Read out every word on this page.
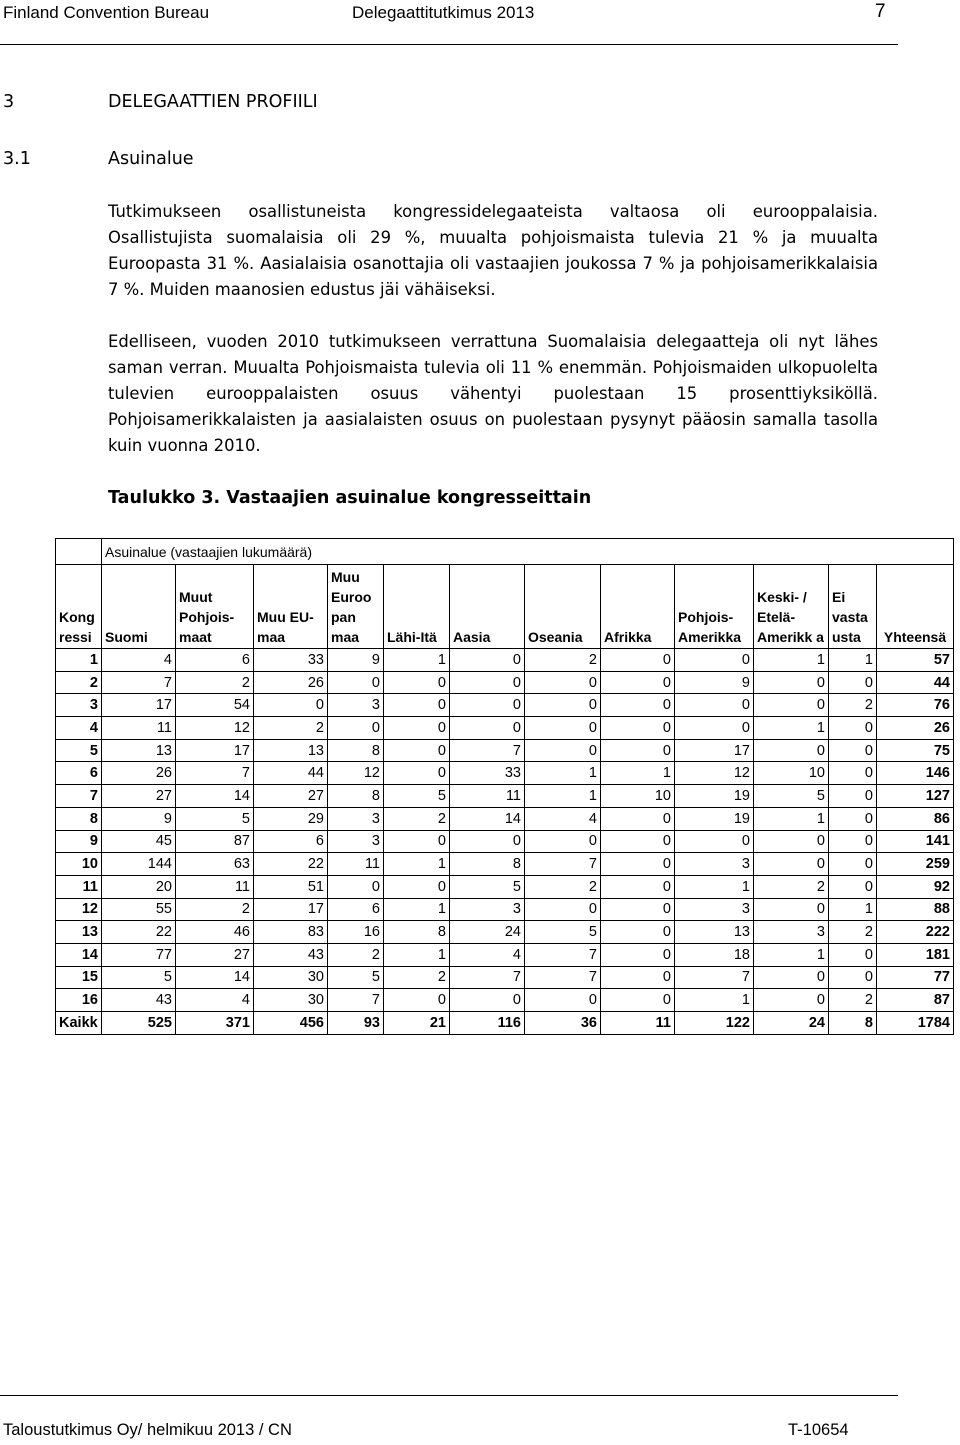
Finland Convention Bureau	Delegaattitutkimus 2013	7
3	DELEGAATTIEN PROFIILI
3.1	Asuinalue

Tutkimukseen osallistuneista kongressidelegaateista valtaosa oli eurooppalaisia. Osallistujista suomalaisia oli 29 %, muualta pohjoismaista tulevia 21 % ja muualta Euroopasta 31 %. Aasialaisia osanottajia oli vastaajien joukossa 7 % ja pohjoisamerikkalaisia 7 %. Muiden maanosien edustus jäi vähäiseksi.

Edelliseen, vuoden 2010 tutkimukseen verrattuna Suomalaisia delegaatteja oli nyt lähes saman verran. Muualta Pohjoismaista tulevia oli 11 % enemmän. Pohjoismaiden ulkopuolelta tulevien eurooppalaisten osuus vähentyi puolestaan 15 prosenttiyksiköllä. Pohjoisamerikkalaisten ja aasialaisten osuus on puolestaan pysynyt pääosin samalla tasolla kuin vuonna 2010.

Taulukko 3. Vastaajien asuinalue kongresseittain
	Asuinalue (vastaajien lukumäärä)											
Kong ressi	Suomi	Muut Pohjois- maat	Muu EU- maa	Muu Euroo pan maa	Lähi-Itä	Aasia	Oseania	Afrikka	Pohjois- Amerikka	Keski- / Etelä- Amerikk a	Ei vasta usta	Yhteensä
1	4	6	33	9	1	0	2	0	0	1	1	57
2	7	2	26	0	0	0	0	0	9	0	0	44
3	17	54	0	3	0	0	0	0	0	0	2	76
4	11	12	2	0	0	0	0	0	0	1	0	26
5	13	17	13	8	0	7	0	0	17	0	0	75
6	26	7	44	12	0	33	1	1	12	10	0	146
7	27	14	27	8	5	11	1	10	19	5	0	127
8	9	5	29	3	2	14	4	0	19	1	0	86
9	45	87	6	3	0	0	0	0	0	0	0	141
10	144	63	22	11	1	8	7	0	3	0	0	259
11	20	11	51	0	0	5	2	0	1	2	0	92
12	55	2	17	6	1	3	0	0	3	0	1	88
13	22	46	83	16	8	24	5	0	13	3	2	222
14	77	27	43	2	1	4	7	0	18	1	0	181
15	5	14	30	5	2	7	7	0	7	0	0	77
16	43	4	30	7	0	0	0	0	1	0	2	87
Kaikk	525	371	456	93	21	116	36	11	122	24	8	1784
Taloustutkimus Oy/ helmikuu 2013 / CN	T-10654
